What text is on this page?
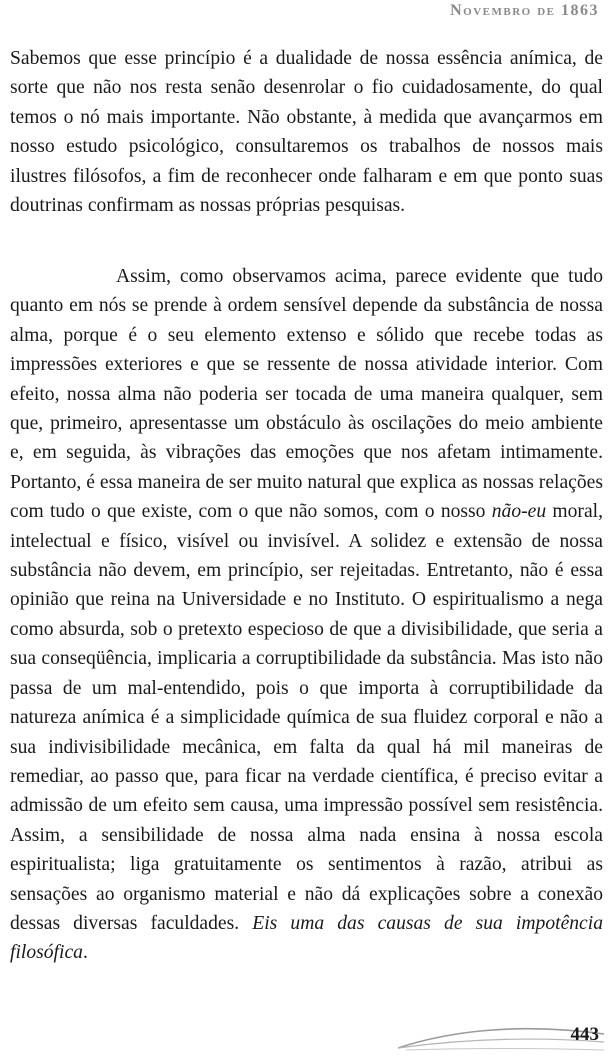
Novembro de 1863

Sabemos que esse princípio é a dualidade de nossa essência anímica, de sorte que não nos resta senão desenrolar o fio cuidadosamente, do qual temos o nó mais importante. Não obstante, à medida que avançarmos em nosso estudo psicológico, consultaremos os trabalhos de nossos mais ilustres filósofos, a fim de reconhecer onde falharam e em que ponto suas doutrinas confirmam as nossas próprias pesquisas.

Assim, como observamos acima, parece evidente que tudo quanto em nós se prende à ordem sensível depende da substância de nossa alma, porque é o seu elemento extenso e sólido que recebe todas as impressões exteriores e que se ressente de nossa atividade interior. Com efeito, nossa alma não poderia ser tocada de uma maneira qualquer, sem que, primeiro, apresentasse um obstáculo às oscilações do meio ambiente e, em seguida, às vibrações das emoções que nos afetam intimamente. Portanto, é essa maneira de ser muito natural que explica as nossas relações com tudo o que existe, com o que não somos, com o nosso não-eu moral, intelectual e físico, visível ou invisível. A solidez e extensão de nossa substância não devem, em princípio, ser rejeitadas. Entretanto, não é essa opinião que reina na Universidade e no Instituto. O espiritualismo a nega como absurda, sob o pretexto especioso de que a divisibilidade, que seria a sua conseqüência, implicaria a corruptibilidade da substância. Mas isto não passa de um mal-entendido, pois o que importa à corruptibilidade da natureza anímica é a simplicidade química de sua fluidez corporal e não a sua indivisibilidade mecânica, em falta da qual há mil maneiras de remediar, ao passo que, para ficar na verdade científica, é preciso evitar a admissão de um efeito sem causa, uma impressão possível sem resistência. Assim, a sensibilidade de nossa alma nada ensina à nossa escola espiritualista; liga gratuitamente os sentimentos à razão, atribui as sensações ao organismo material e não dá explicações sobre a conexão dessas diversas faculdades. Eis uma das causas de sua impotência filosófica.

443
